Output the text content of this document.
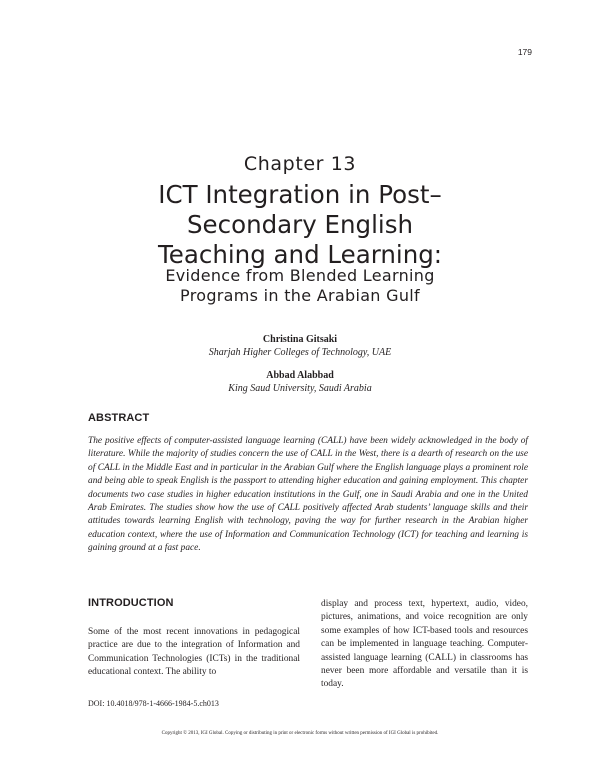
179
Chapter 13
ICT Integration in Post–
Secondary English
Teaching and Learning:
Evidence from Blended Learning
Programs in the Arabian Gulf
Christina Gitsaki
Sharjah Higher Colleges of Technology, UAE
Abbad Alabbad
King Saud University, Saudi Arabia
ABSTRACT
The positive effects of computer-assisted language learning (CALL) have been widely acknowledged in the body of literature. While the majority of studies concern the use of CALL in the West, there is a dearth of research on the use of CALL in the Middle East and in particular in the Arabian Gulf where the English language plays a prominent role and being able to speak English is the passport to attending higher education and gaining employment. This chapter documents two case studies in higher education institutions in the Gulf, one in Saudi Arabia and one in the United Arab Emirates. The studies show how the use of CALL positively affected Arab students’ language skills and their attitudes towards learning English with technology, paving the way for further research in the Arabian higher education context, where the use of Information and Communication Technology (ICT) for teaching and learning is gaining ground at a fast pace.
INTRODUCTION
Some of the most recent innovations in pedagogical practice are due to the integration of Information and Communication Technologies (ICTs) in the traditional educational context. The ability to
display and process text, hypertext, audio, video, pictures, animations, and voice recognition are only some examples of how ICT-based tools and resources can be implemented in language teaching. Computer-assisted language learning (CALL) in classrooms has never been more affordable and versatile than it is today.
DOI: 10.4018/978-1-4666-1984-5.ch013
Copyright © 2013, IGI Global. Copying or distributing in print or electronic forms without written permission of IGI Global is prohibited.
